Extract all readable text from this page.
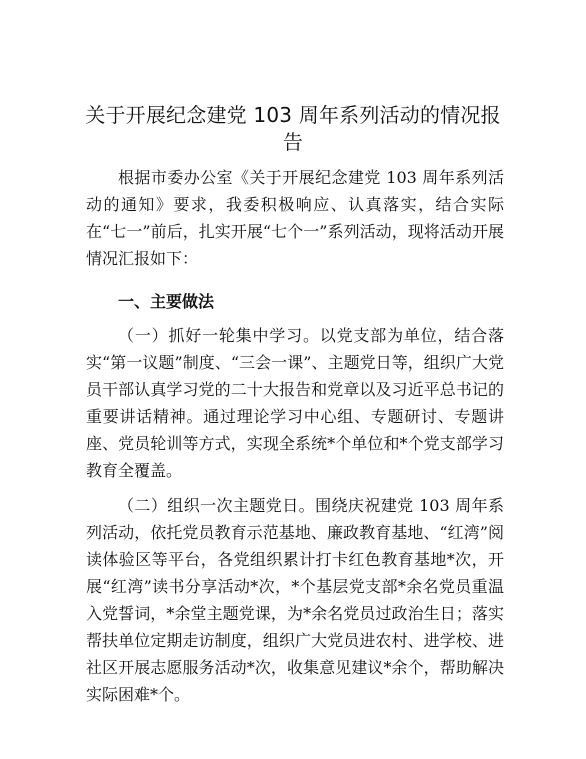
关于开展纪念建党 103 周年系列活动的情况报告

根据市委办公室《关于开展纪念建党 103 周年系列活动的通知》要求，我委积极响应、认真落实，结合实际在“七一”前后，扎实开展“七个一”系列活动，现将活动开展情况汇报如下：

一、主要做法

（一）抓好一轮集中学习。以党支部为单位，结合落实“第一议题”制度、“三会一课”、主题党日等，组织广大党员干部认真学习党的二十大报告和党章以及习近平总书记的重要讲话精神。通过理论学习中心组、专题研讨、专题讲座、党员轮训等方式，实现全系统*个单位和*个党支部学习教育全覆盖。

（二）组织一次主题党日。围绕庆祝建党 103 周年系列活动，依托党员教育示范基地、廉政教育基地、“红湾”阅读体验区等平台，各党组织累计打卡红色教育基地*次，开展“红湾”读书分享活动*次，*个基层党支部*余名党员重温入党誓词，*余堂主题党课，为*余名党员过政治生日；落实帮扶单位定期走访制度，组织广大党员进农村、进学校、进社区开展志愿服务活动*次，收集意见建议*余个，帮助解决实际困难*个。
